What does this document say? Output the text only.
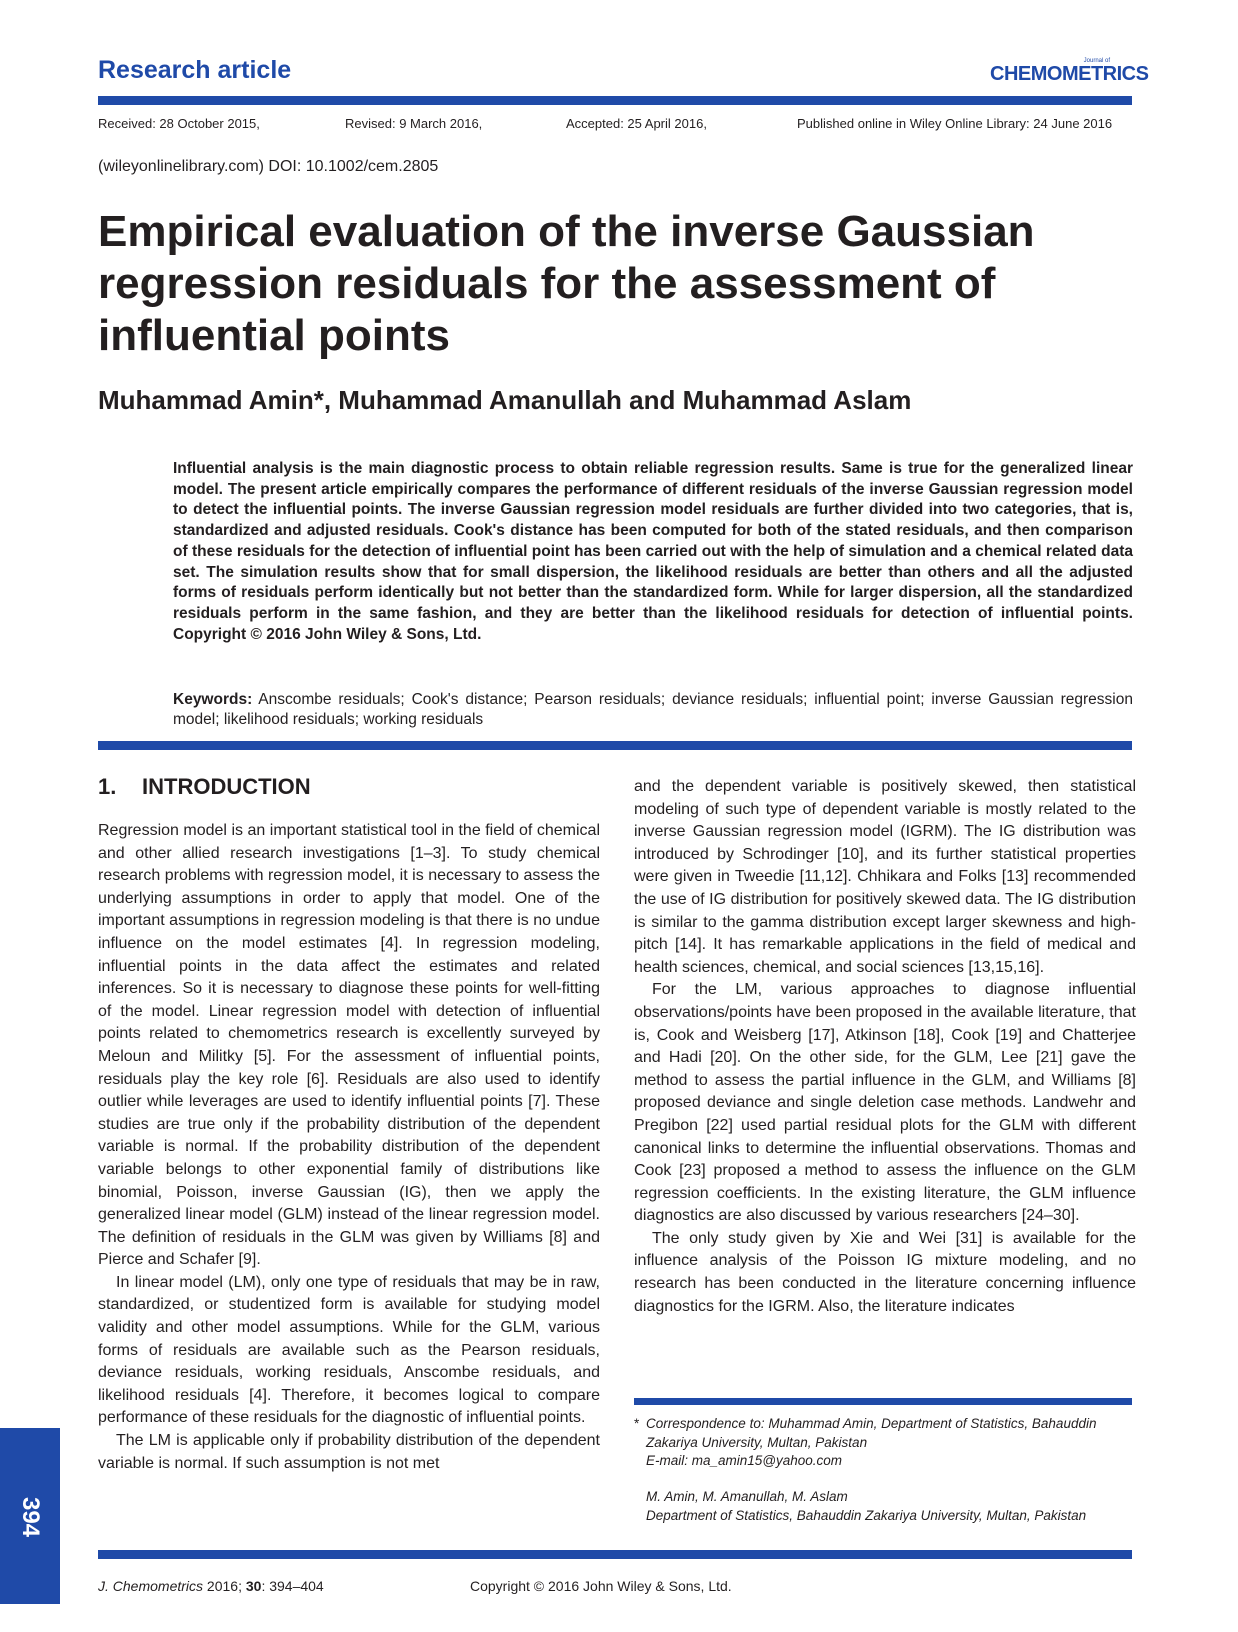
Research article	Journal of
CHEMOMETRICS
Received: 28 October 2015,	Revised: 9 March 2016,	Accepted: 25 April 2016,	Published online in Wiley Online Library: 24 June 2016
(wileyonlinelibrary.com) DOI: 10.1002/cem.2805
Empirical evaluation of the inverse Gaussian
regression residuals for the assessment of
influential points
Muhammad Amin*, Muhammad Amanullah and Muhammad Aslam
Influential analysis is the main diagnostic process to obtain reliable regression results. Same is true for the generalized linear model. The present article empirically compares the performance of different residuals of the inverse Gaussian regression model to detect the influential points. The inverse Gaussian regression model residuals are further divided into two categories, that is, standardized and adjusted residuals. Cook's distance has been computed for both of the stated residuals, and then comparison of these residuals for the detection of influential point has been carried out with the help of simulation and a chemical related data set. The simulation results show that for small dispersion, the likelihood residuals are better than others and all the adjusted forms of residuals perform identically but not better than the standardized form. While for larger dispersion, all the standardized residuals perform in the same fashion, and they are better than the likelihood residuals for detection of influential points. Copyright © 2016 John Wiley & Sons, Ltd.
Keywords: Anscombe residuals; Cook's distance; Pearson residuals; deviance residuals; influential point; inverse Gaussian regression model; likelihood residuals; working residuals
1. INTRODUCTION

Regression model is an important statistical tool in the field of chemical and other allied research investigations [1–3]. To study chemical research problems with regression model, it is necessary to assess the underlying assumptions in order to apply that model. One of the important assumptions in regression modeling is that there is no undue influence on the model estimates [4]. In regression modeling, influential points in the data affect the estimates and related inferences. So it is necessary to diagnose these points for well-fitting of the model. Linear regression model with detection of influential points related to chemometrics research is excellently surveyed by Meloun and Militky [5]. For the assessment of influential points, residuals play the key role [6]. Residuals are also used to identify outlier while leverages are used to identify influential points [7]. These studies are true only if the probability distribution of the dependent variable is normal. If the probability distribution of the dependent variable belongs to other exponential family of distributions like binomial, Poisson, inverse Gaussian (IG), then we apply the generalized linear model (GLM) instead of the linear regression model. The definition of residuals in the GLM was given by Williams [8] and Pierce and Schafer [9].

In linear model (LM), only one type of residuals that may be in raw, standardized, or studentized form is available for studying model validity and other model assumptions. While for the GLM, various forms of residuals are available such as the Pearson residuals, deviance residuals, working residuals, Anscombe residuals, and likelihood residuals [4]. Therefore, it becomes logical to compare performance of these residuals for the diagnostic of influential points.

The LM is applicable only if probability distribution of the dependent variable is normal. If such assumption is not met

and the dependent variable is positively skewed, then statistical modeling of such type of dependent variable is mostly related to the inverse Gaussian regression model (IGRM). The IG distribution was introduced by Schrodinger [10], and its further statistical properties were given in Tweedie [11,12]. Chhikara and Folks [13] recommended the use of IG distribution for positively skewed data. The IG distribution is similar to the gamma distribution except larger skewness and high-pitch [14]. It has remarkable applications in the field of medical and health sciences, chemical, and social sciences [13,15,16].

For the LM, various approaches to diagnose influential observations/points have been proposed in the available literature, that is, Cook and Weisberg [17], Atkinson [18], Cook [19] and Chatterjee and Hadi [20]. On the other side, for the GLM, Lee [21] gave the method to assess the partial influence in the GLM, and Williams [8] proposed deviance and single deletion case methods. Landwehr and Pregibon [22] used partial residual plots for the GLM with different canonical links to determine the influential observations. Thomas and Cook [23] proposed a method to assess the influence on the GLM regression coefficients. In the existing literature, the GLM influence diagnostics are also discussed by various researchers [24–30].

The only study given by Xie and Wei [31] is available for the influence analysis of the Poisson IG mixture modeling, and no research has been conducted in the literature concerning influence diagnostics for the IGRM. Also, the literature indicates

* Correspondence to: Muhammad Amin, Department of Statistics, Bahauddin
Zakariya University, Multan, Pakistan
E-mail: ma_amin15@yahoo.com
M. Amin, M. Amanullah, M. Aslam
Department of Statistics, Bahauddin Zakariya University, Multan, Pakistan
394
J. Chemometrics 2016; 30: 394–404	Copyright © 2016 John Wiley & Sons, Ltd.
